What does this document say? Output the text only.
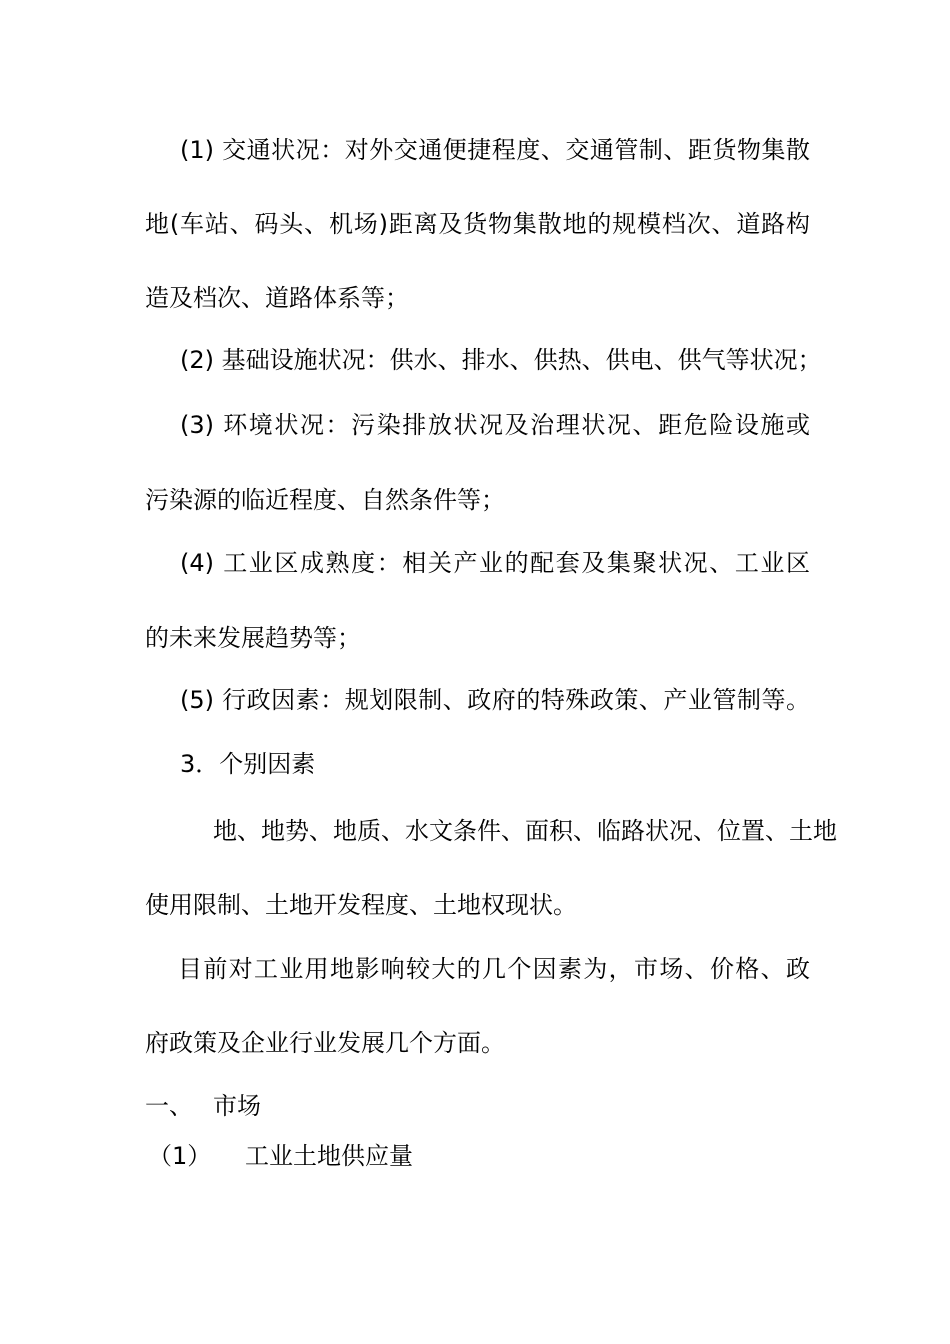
(1) 交通状况：对外交通便捷程度、交通管制、距货物集散
地(车站、码头、机场)距离及货物集散地的规模档次、道路构
造及档次、道路体系等；
(2) 基础设施状况：供水、排水、供热、供电、供气等状况；
(3) 环境状况：污染排放状况及治理状况、距危险设施或
污染源的临近程度、自然条件等；
(4) 工业区成熟度：相关产业的配套及集聚状况、工业区
的未来发展趋势等；
(5) 行政因素：规划限制、政府的特殊政策、产业管制等。
3．个别因素
地、地势、地质、水文条件、面积、临路状况、位置、土地
使用限制、土地开发程度、土地权现状。
目前对工业用地影响较大的几个因素为，市场、价格、政
府政策及企业行业发展几个方面。
一、 市场
（1） 工业土地供应量
